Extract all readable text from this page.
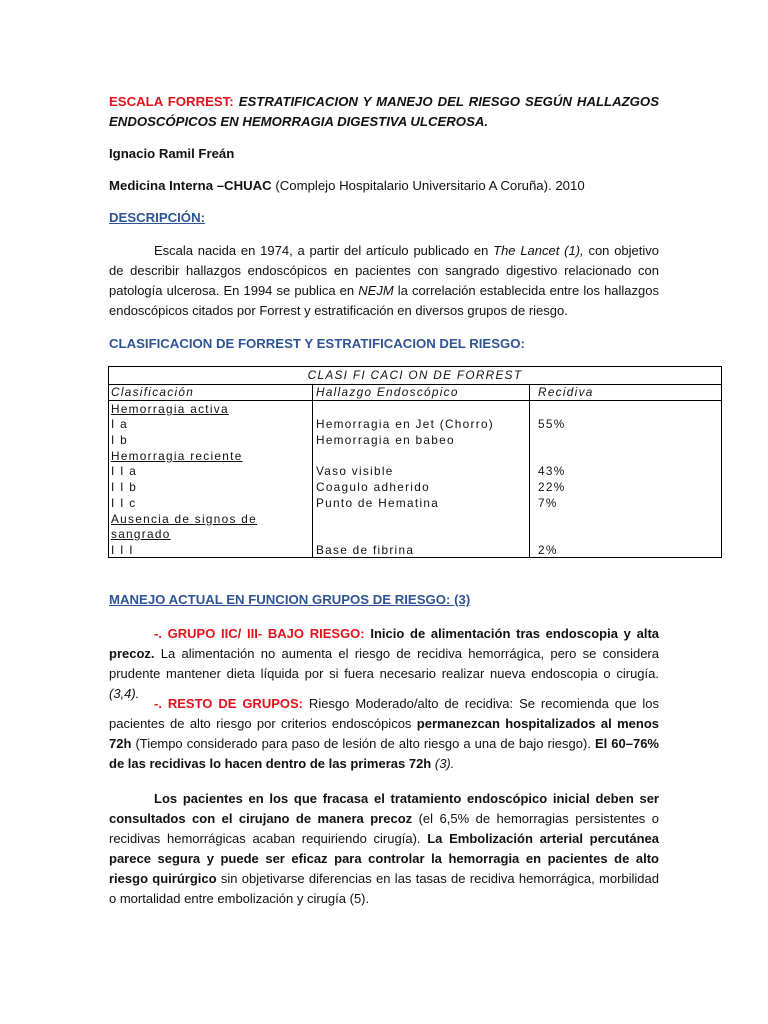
ESCALA FORREST: ESTRATIFICACION Y MANEJO DEL RIESGO SEGÚN HALLAZGOS ENDOSCÓPICOS EN HEMORRAGIA DIGESTIVA ULCEROSA.
Ignacio Ramil Freán
Medicina Interna –CHUAC (Complejo Hospitalario Universitario A Coruña). 2010
DESCRIPCIÓN:
Escala nacida en 1974, a partir del artículo publicado en The Lancet (1), con objetivo de describir hallazgos endoscópicos en pacientes con sangrado digestivo relacionado con patología ulcerosa. En 1994 se publica en NEJM la correlación establecida entre los hallazgos endoscópicos citados por Forrest y estratificación en diversos grupos de riesgo.
CLASIFICACION DE FORREST Y ESTRATIFICACION DEL RIESGO:
CLASI FI CACI ON DE FORREST
Clasificación	Hallazgo Endoscópico	Recidiva
Hemorragia activa
I a	Hemorragia en Jet (Chorro)	55%
I b	Hemorragia en babeo
Hemorragia reciente
I I a	Vaso visible	43%
I I b	Coagulo adherido	22%
I I c	Punto de Hematina	7%
Ausencia de signos de
sangrado
I I I	Base de fibrina	2%
MANEJO ACTUAL EN FUNCION GRUPOS DE RIESGO: (3)
-. GRUPO IIC/ III- BAJO RIESGO: Inicio de alimentación tras endoscopia y alta precoz. La alimentación no aumenta el riesgo de recidiva hemorrágica, pero se considera prudente mantener dieta líquida por si fuera necesario realizar nueva endoscopia o cirugía. (3,4).
-. RESTO DE GRUPOS: Riesgo Moderado/alto de recidiva: Se recomienda que los pacientes de alto riesgo por criterios endoscópicos permanezcan hospitalizados al menos 72h (Tiempo considerado para paso de lesión de alto riesgo a una de bajo riesgo). El 60–76% de las recidivas lo hacen dentro de las primeras 72h (3).
Los pacientes en los que fracasa el tratamiento endoscópico inicial deben ser consultados con el cirujano de manera precoz (el 6,5% de hemorragias persistentes o recidivas hemorrágicas acaban requiriendo cirugía). La Embolización arterial percutánea parece segura y puede ser eficaz para controlar la hemorragia en pacientes de alto riesgo quirúrgico sin objetivarse diferencias en las tasas de recidiva hemorrágica, morbilidad o mortalidad entre embolización y cirugía (5).
